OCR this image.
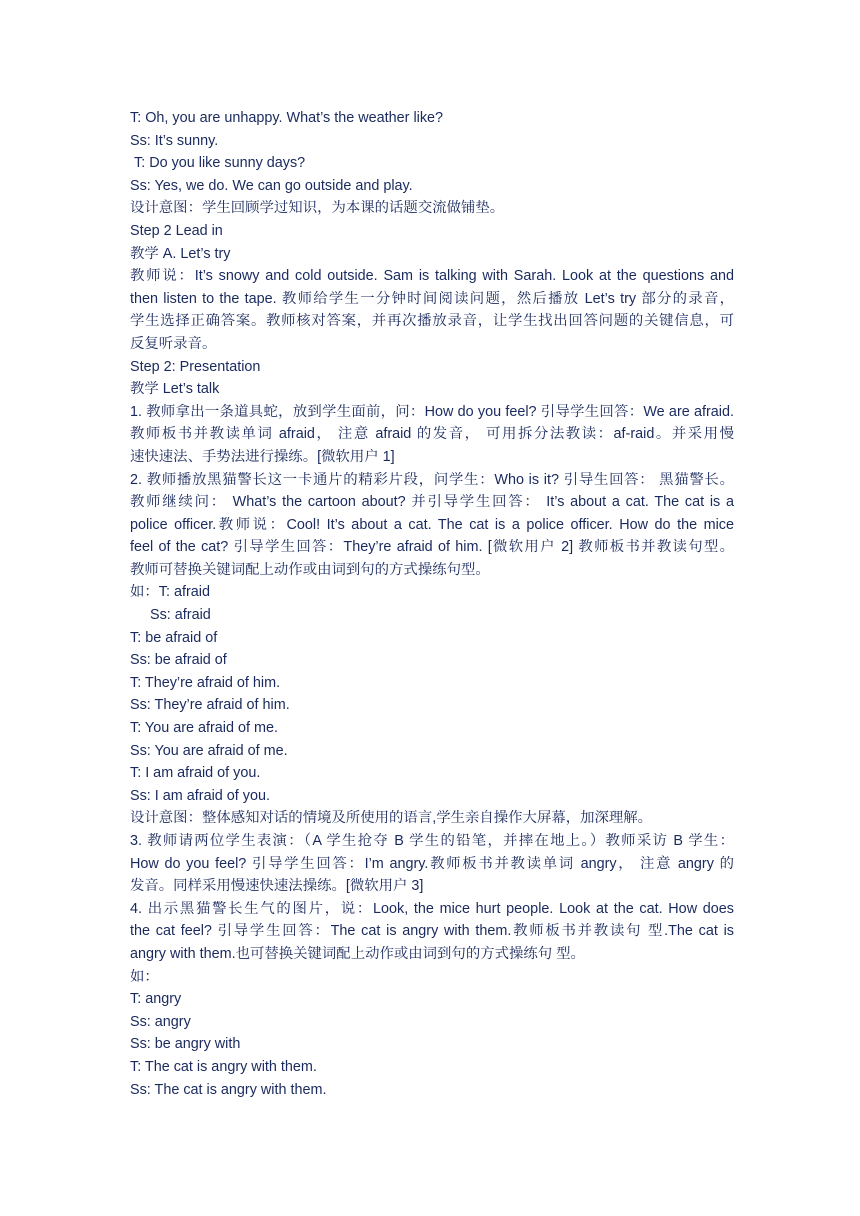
T: Oh, you are unhappy. What’s the weather like?
Ss: It’s sunny.
T: Do you like sunny days?
Ss: Yes, we do. We can go outside and play.
设计意图：学生回顾学过知识，为本课的话题交流做铺垫。
Step 2 Lead in
教学 A. Let’s try
教师说：It’s snowy and cold outside. Sam is talking with Sarah. Look at the questions and
then listen to the tape. 教师给学生一分钟时间阅读问题，然后播放 Let’s try 部分的录音，
学生选择正确答案。教师核对答案，并再次播放录音，让学生找出回答问题的关键信息，可
反复听录音。
Step 2: Presentation
教学 Let’s talk
1. 教师拿出一条道具蛇，放到学生面前，问：How do you feel? 引导学生回答：We are afraid.
教师板书并教读单词 afraid， 注意 afraid 的发音， 可用拆分法教读：af-raid。并采用慢
速快速法、手势法进行操练。[微软用户 1]
2. 教师播放黑猫警长这一卡通片的精彩片段，问学生：Who is it? 引导生回答： 黑猫警长。
教师继续问： What’s the cartoon about? 并引导学生回答： It’s about a cat. The cat is a
police officer.教师说：Cool! It’s about a cat. The cat is a police officer. How do the mice
feel of the cat? 引导学生回答：They’re afraid of him. [微软用户 2] 教师板书并教读句型。
教师可替换关键词配上动作或由词到句的方式操练句型。
如：T: afraid
Ss: afraid
T: be afraid of
Ss: be afraid of
T: They’re afraid of him.
Ss: They’re afraid of him.
T: You are afraid of me.
Ss: You are afraid of me.
T: I am afraid of you.
Ss: I am afraid of you.
设计意图：整体感知对话的情境及所使用的语言,学生亲自操作大屏幕，加深理解。
3. 教师请两位学生表演：（A 学生抢夺 B 学生的铅笔，并摔在地上。）教师采访 B 学生：
How do you feel? 引导学生回答：I’m angry.教师板书并教读单词 angry， 注意 angry 的
发音。同样采用慢速快速法操练。[微软用户 3]
4. 出示黑猫警长生气的图片，说：Look, the mice hurt people. Look at the cat. How does
the cat feel? 引导学生回答：The cat is angry with them.教师板书并教读句 型.The cat is
angry with them.也可替换关键词配上动作或由词到句的方式操练句 型。
如：
T: angry
Ss: angry
Ss: be angry with
T: The cat is angry with them.
Ss: The cat is angry with them.
